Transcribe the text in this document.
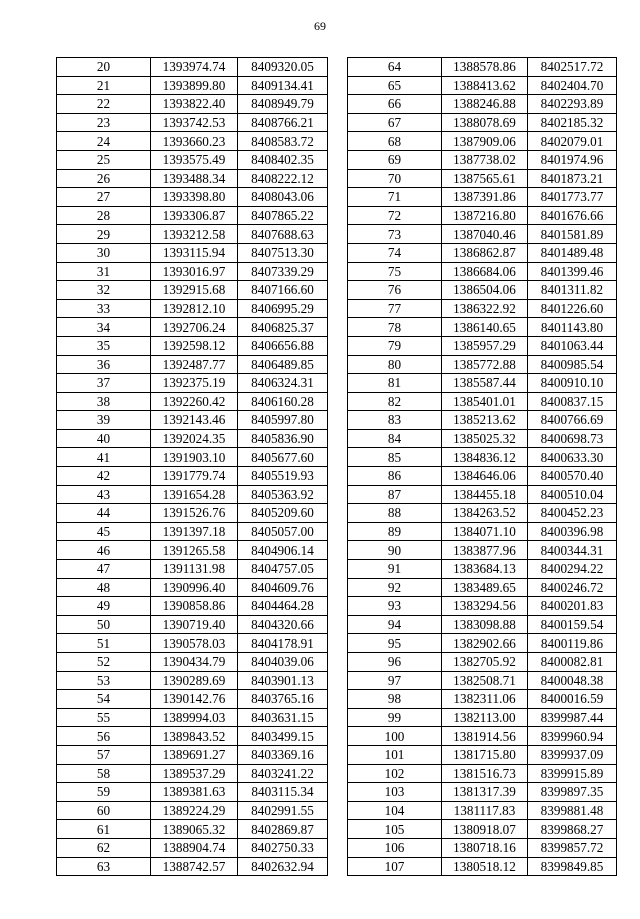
69
20	1393974.74	8409320.05
21	1393899.80	8409134.41
22	1393822.40	8408949.79
23	1393742.53	8408766.21
24	1393660.23	8408583.72
25	1393575.49	8408402.35
26	1393488.34	8408222.12
27	1393398.80	8408043.06
28	1393306.87	8407865.22
29	1393212.58	8407688.63
30	1393115.94	8407513.30
31	1393016.97	8407339.29
32	1392915.68	8407166.60
33	1392812.10	8406995.29
34	1392706.24	8406825.37
35	1392598.12	8406656.88
36	1392487.77	8406489.85
37	1392375.19	8406324.31
38	1392260.42	8406160.28
39	1392143.46	8405997.80
40	1392024.35	8405836.90
41	1391903.10	8405677.60
42	1391779.74	8405519.93
43	1391654.28	8405363.92
44	1391526.76	8405209.60
45	1391397.18	8405057.00
46	1391265.58	8404906.14
47	1391131.98	8404757.05
48	1390996.40	8404609.76
49	1390858.86	8404464.28
50	1390719.40	8404320.66
51	1390578.03	8404178.91
52	1390434.79	8404039.06
53	1390289.69	8403901.13
54	1390142.76	8403765.16
55	1389994.03	8403631.15
56	1389843.52	8403499.15
57	1389691.27	8403369.16
58	1389537.29	8403241.22
59	1389381.63	8403115.34
60	1389224.29	8402991.55
61	1389065.32	8402869.87
62	1388904.74	8402750.33
63	1388742.57	8402632.94
64	1388578.86	8402517.72
65	1388413.62	8402404.70
66	1388246.88	8402293.89
67	1388078.69	8402185.32
68	1387909.06	8402079.01
69	1387738.02	8401974.96
70	1387565.61	8401873.21
71	1387391.86	8401773.77
72	1387216.80	8401676.66
73	1387040.46	8401581.89
74	1386862.87	8401489.48
75	1386684.06	8401399.46
76	1386504.06	8401311.82
77	1386322.92	8401226.60
78	1386140.65	8401143.80
79	1385957.29	8401063.44
80	1385772.88	8400985.54
81	1385587.44	8400910.10
82	1385401.01	8400837.15
83	1385213.62	8400766.69
84	1385025.32	8400698.73
85	1384836.12	8400633.30
86	1384646.06	8400570.40
87	1384455.18	8400510.04
88	1384263.52	8400452.23
89	1384071.10	8400396.98
90	1383877.96	8400344.31
91	1383684.13	8400294.22
92	1383489.65	8400246.72
93	1383294.56	8400201.83
94	1383098.88	8400159.54
95	1382902.66	8400119.86
96	1382705.92	8400082.81
97	1382508.71	8400048.38
98	1382311.06	8400016.59
99	1382113.00	8399987.44
100	1381914.56	8399960.94
101	1381715.80	8399937.09
102	1381516.73	8399915.89
103	1381317.39	8399897.35
104	1381117.83	8399881.48
105	1380918.07	8399868.27
106	1380718.16	8399857.72
107	1380518.12	8399849.85
